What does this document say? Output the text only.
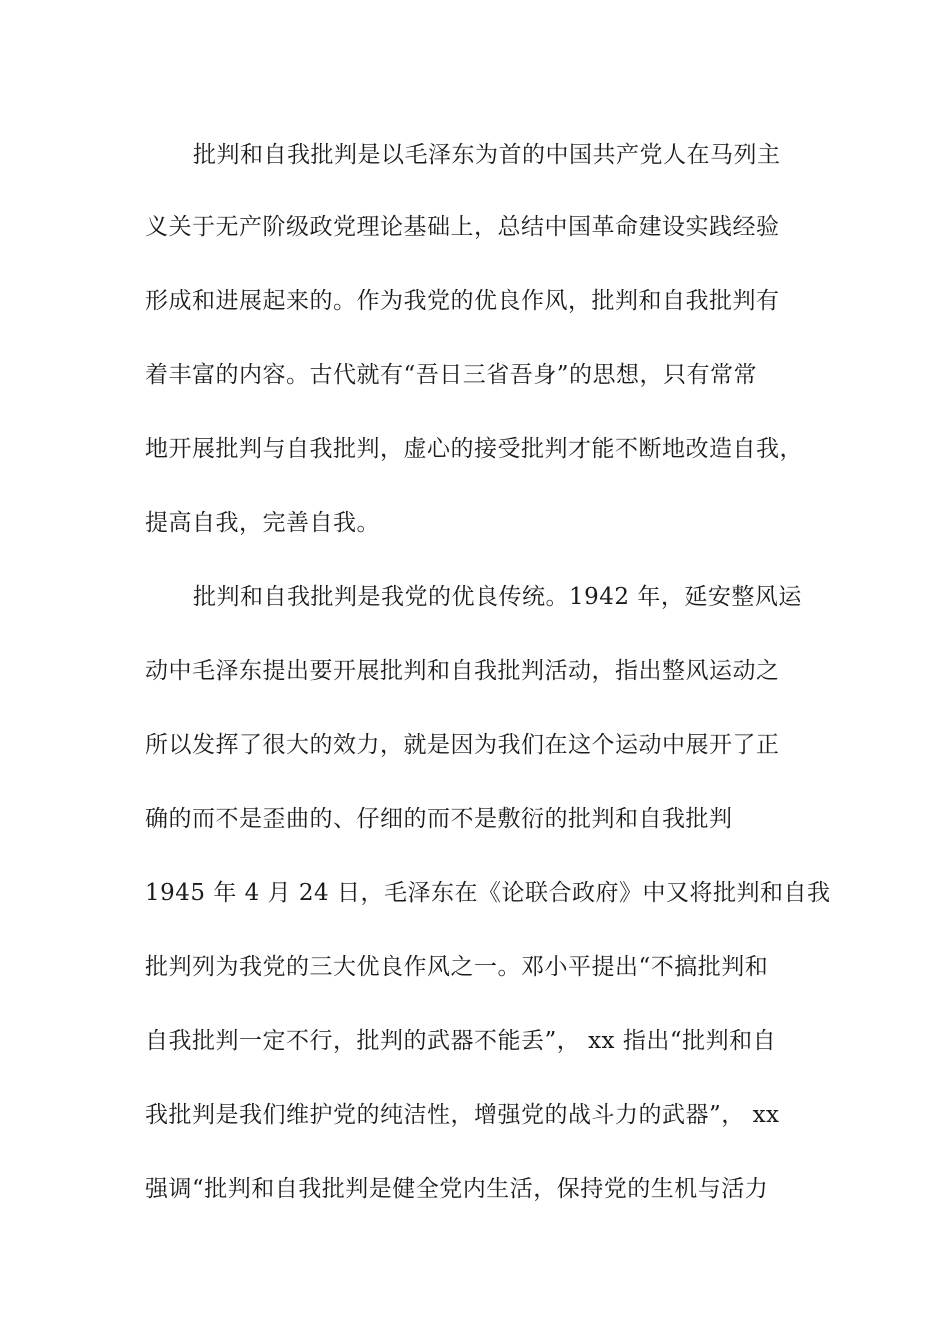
批判和自我批判是以毛泽东为首的中国共产党人在马列主
义关于无产阶级政党理论基础上，总结中国革命建设实践经验
形成和进展起来的。作为我党的优良作风，批判和自我批判有
着丰富的内容。古代就有“吾日三省吾身”的思想，只有常常
地开展批判与自我批判，虚心的接受批判才能不断地改造自我，
提高自我，完善自我。
批判和自我批判是我党的优良传统。1942 年，延安整风运
动中毛泽东提出要开展批判和自我批判活动，指出整风运动之
所以发挥了很大的效力，就是因为我们在这个运动中展开了正
确的而不是歪曲的、仔细的而不是敷衍的批判和自我批判
1945 年 4 月 24 日，毛泽东在《论联合政府》中又将批判和自我
批判列为我党的三大优良作风之一。邓小平提出“不搞批判和
自我批判一定不行，批判的武器不能丢”， xx 指出“批判和自
我批判是我们维护党的纯洁性，增强党的战斗力的武器”， xx
强调“批判和自我批判是健全党内生活，保持党的生机与活力
